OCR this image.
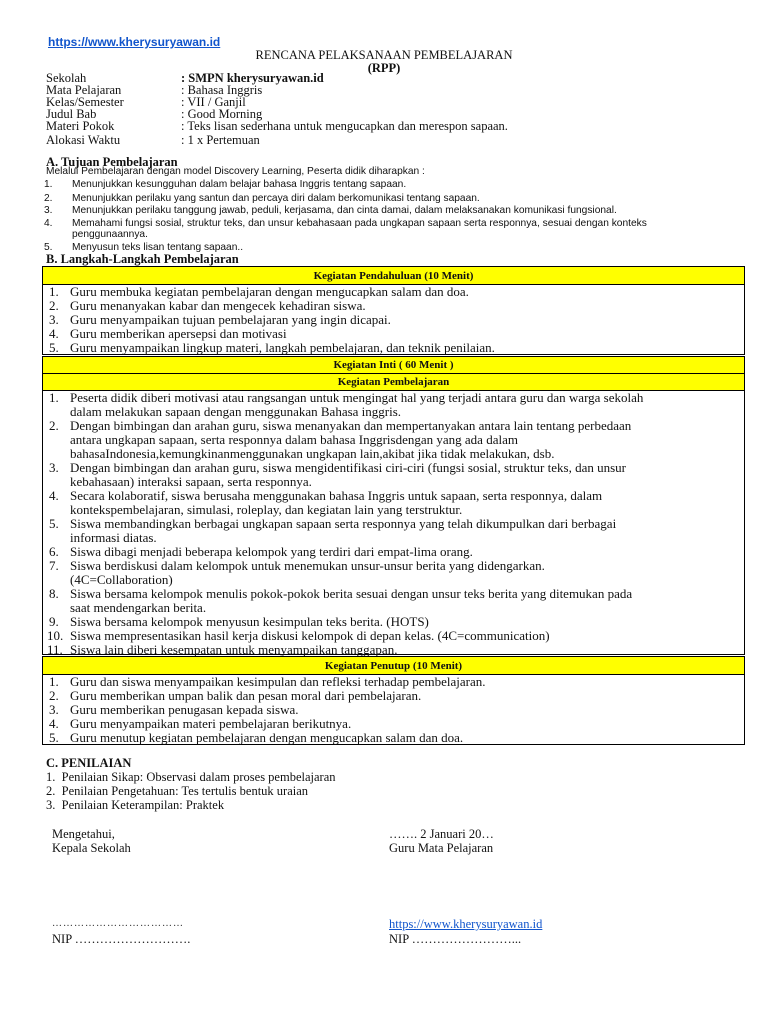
https://www.kherysuryawan.id
RENCANA PELAKSANAAN PEMBELAJARAN
(RPP)
Sekolah	: SMPN kherysuryawan.id
Mata Pelajaran	: Bahasa Inggris
Kelas/Semester	: VII / Ganjil
Judul Bab	: Good Morning
Materi Pokok	: Teks lisan sederhana untuk mengucapkan dan merespon sapaan.
Alokasi Waktu	: 1 x Pertemuan
A. Tujuan Pembelajaran
Melalui Pembelajaran dengan model Discovery Learning, Peserta didik diharapkan :
1. Menunjukkan kesungguhan dalam belajar bahasa Inggris tentang sapaan.
2. Menunjukkan perilaku yang santun dan percaya diri dalam berkomunikasi tentang sapaan.
3. Menunjukkan perilaku tanggung jawab, peduli, kerjasama, dan cinta damai, dalam melaksanakan komunikasi fungsional.
4. Memahami fungsi sosial, struktur teks, dan unsur kebahasaan pada ungkapan sapaan serta responnya, sesuai dengan konteks
penggunaannya.
5. Menyusun teks lisan tentang sapaan..
B. Langkah-Langkah Pembelajaran
Kegiatan Pendahuluan (10 Menit)
1. Guru membuka kegiatan pembelajaran dengan mengucapkan salam dan doa.
2. Guru menanyakan kabar dan mengecek kehadiran siswa.
3. Guru menyampaikan tujuan pembelajaran yang ingin dicapai.
4. Guru memberikan apersepsi dan motivasi
5. Guru menyampaikan lingkup materi, langkah pembelajaran, dan teknik penilaian.
Kegiatan Inti ( 60 Menit )
Kegiatan Pembelajaran
1. Peserta didik diberi motivasi atau rangsangan untuk mengingat hal yang terjadi antara guru dan warga sekolah
dalam melakukan sapaan dengan menggunakan Bahasa inggris.
2. Dengan bimbingan dan arahan guru, siswa menanyakan dan mempertanyakan antara lain tentang perbedaan
antara ungkapan sapaan, serta responnya dalam bahasa Inggrisdengan yang ada dalam
bahasaIndonesia,kemungkinanmenggunakan ungkapan lain,akibat jika tidak melakukan, dsb.
3. Dengan bimbingan dan arahan guru, siswa mengidentifikasi ciri-ciri (fungsi sosial, struktur teks, dan unsur
kebahasaan) interaksi sapaan, serta responnya.
4. Secara kolaboratif, siswa berusaha menggunakan bahasa Inggris untuk sapaan, serta responnya, dalam
kontekspembelajaran, simulasi, roleplay, dan kegiatan lain yang terstruktur.
5. Siswa membandingkan berbagai ungkapan sapaan serta responnya yang telah dikumpulkan dari berbagai
informasi diatas.
6. Siswa dibagi menjadi beberapa kelompok yang terdiri dari empat-lima orang.
7. Siswa berdiskusi dalam kelompok untuk menemukan unsur-unsur berita yang didengarkan.
(4C=Collaboration)
8. Siswa bersama kelompok menulis pokok-pokok berita sesuai dengan unsur teks berita yang ditemukan pada
saat mendengarkan berita.
9. Siswa bersama kelompok menyusun kesimpulan teks berita. (HOTS)
10. Siswa mempresentasikan hasil kerja diskusi kelompok di depan kelas. (4C=communication)
11. Siswa lain diberi kesempatan untuk menyampaikan tanggapan.
Kegiatan Penutup (10 Menit)
1. Guru dan siswa menyampaikan kesimpulan dan refleksi terhadap pembelajaran.
2. Guru memberikan umpan balik dan pesan moral dari pembelajaran.
3. Guru memberikan penugasan kepada siswa.
4. Guru menyampaikan materi pembelajaran berikutnya.
5. Guru menutup kegiatan pembelajaran dengan mengucapkan salam dan doa.
C. PENILAIAN
1. Penilaian Sikap: Observasi dalam proses pembelajaran
2. Penilaian Pengetahuan: Tes tertulis bentuk uraian
3. Penilaian Keterampilan: Praktek
Mengetahui,
Kepala Sekolah
……. 2 Januari 20…
Guru Mata Pelajaran
………………………………	https://www.kherysuryawan.id
NIP ……………………….	NIP ……………………...
